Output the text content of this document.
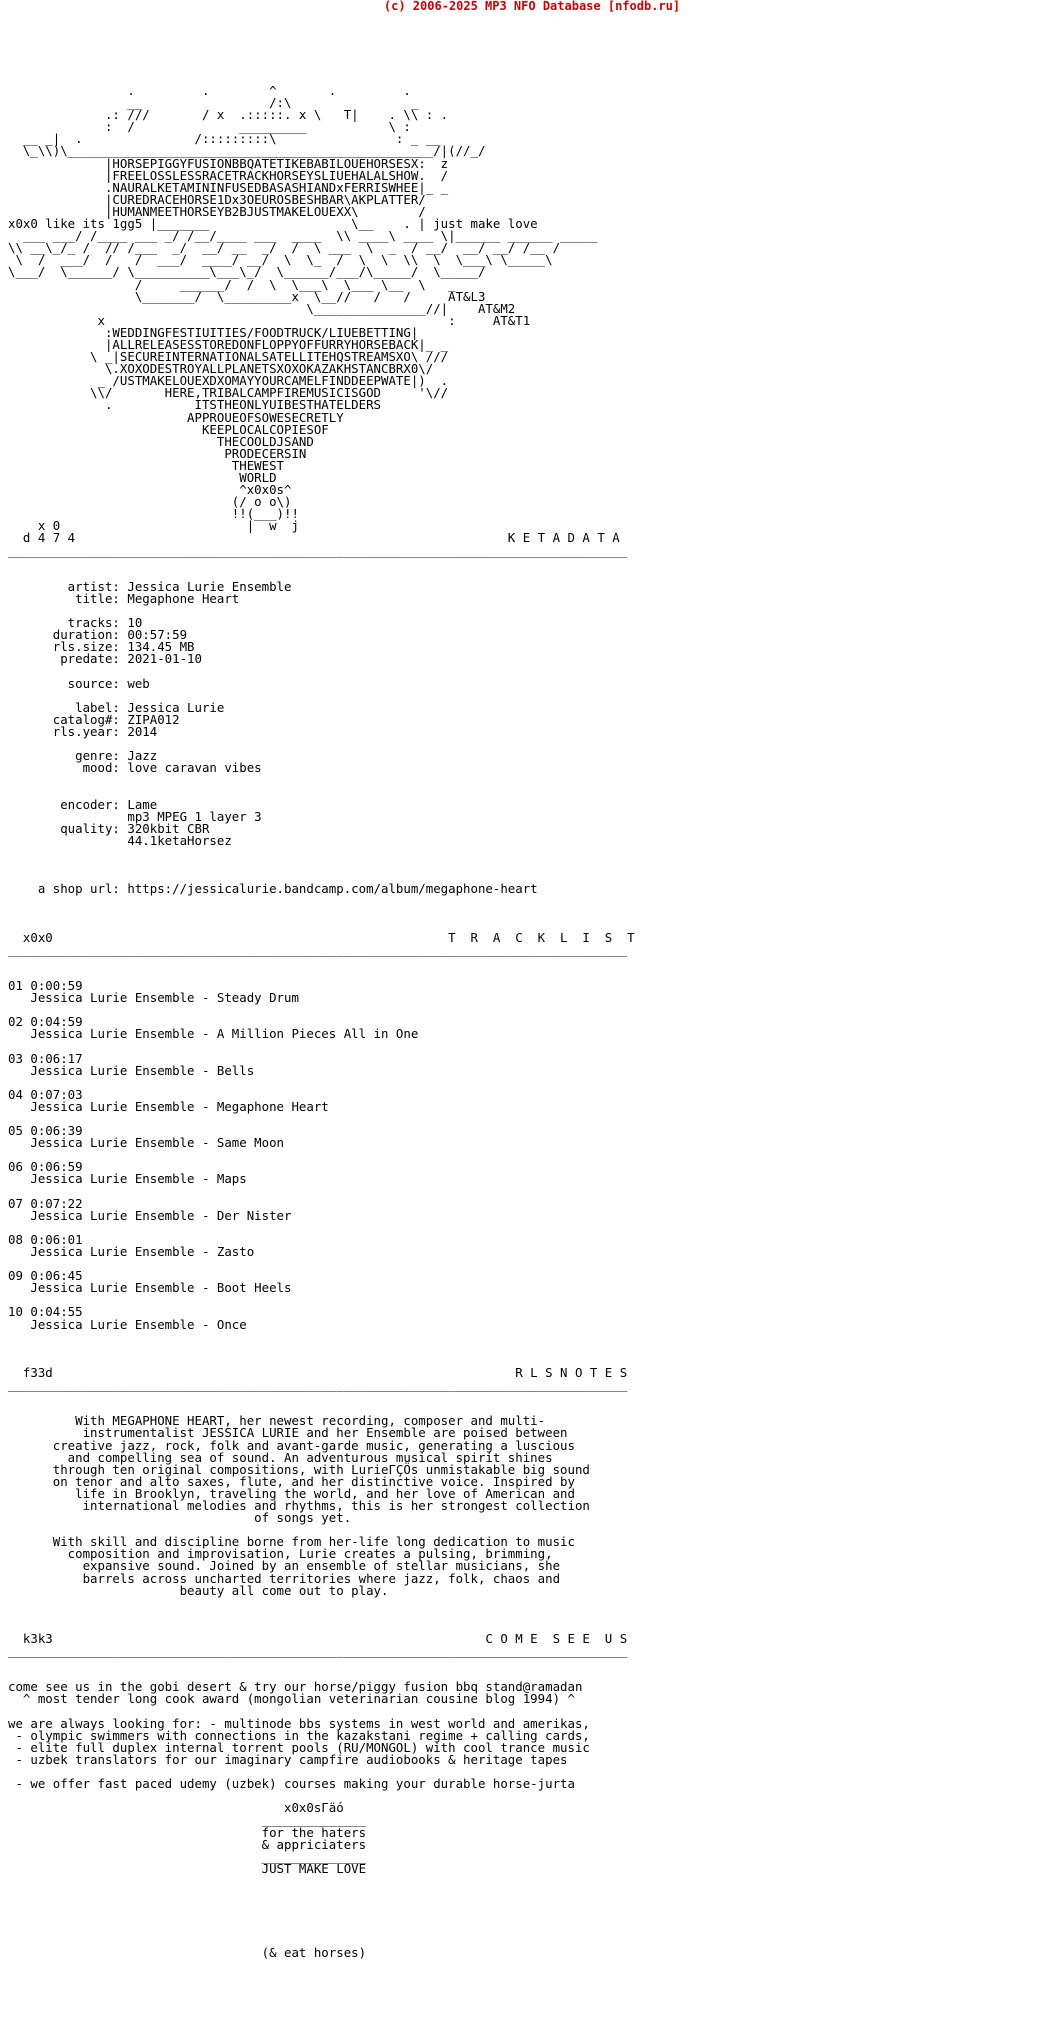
(c) 2006-2025 MP3 NFO Database [nfodb.ru]
.         .        ^       .         .
__                 /:\                _
.: ///       / x  .:::::. x \   T|    . \\ : .
:  /              _________           \ :
__ _|  .               /:::::::::\                : _ __
\_\\)\_________________________________________________/|(//_/
|HORSEPIGGYFUSIONBBQATETIKEBABILOUEHORSESX:  z
|FREELOSSLESSRACETRACKHORSEYSLIUEHALALSHOW.  /
.NAURALKETAMININFUSEDBASASHIANDxFERRISWHEE|_ _
|CUREDRACEHORSE1Dx3OEUROSBESHBAR\AKPLATTER/
|HUMANMEETHORSEYB2BJUSTMAKELOUEXX\        /
x0x0 like its 1gg5 |_______                   \__    . | just make love
___ ___/ /____ ___ _/ /__/____ ___  ____  \\ ____\ ____ \|______ ______ _____
\\ __\_/_ /  // /___  _/  __/ __  _/  /  \ ___  \  _  / __/  __/ __/ /__ /
\  /  ___/  /   /  ___/  ____/ __/  \  \_  /  \  \  \\  \  \___\ \_____\
\___/  \______/ \__________\___\_/  \______/___/\_____/  \_____/
/     ______/  /  \  \___\  \___ \__  \   _
\_______/  \_________x  \__//   /   /     AT&L3
\_______________//|    AT&M2
x                                              :     AT&T1
:WEDDINGFESTIUITIES/FOODTRUCK/LIUEBETTING|
|ALLRELEASESSTOREDONFLOPPYOFFURRYHORSEBACK|_ _
\ _|SECUREINTERNATIONALSATELLITEHQSTREAMSXO\ ///
\.XOXODESTROYALLPLANETSXOXOKAZAKHSTANCBRX0\/
_ /USTMAKELOUEXDXOMAYYOURCAMELFINDDEEPWATE|)  .
\\/       HERE,TRIBALCAMPFIREMUSICISGOD     '\//
.           ITSTHEONLYUIBESTHATELDERS
APPROUEOFSOWESECRETLY
KEEPLOCALCOPIESOF
THECOOLDJSAND
PRODECERSIN
THEWEST
WORLD
^x0x0s^
(/ o o\)
!!(___)!!
x 0                         |  w  j
d 4 7 4                                                          K E T A D A T A
___________________________________________________________________________________
artist: Jessica Lurie Ensemble
title: Megaphone Heart
tracks: 10
duration: 00:57:59
rls.size: 134.45 MB
predate: 2021-01-10
source: web
label: Jessica Lurie
catalog#: ZIPA012
rls.year: 2014
genre: Jazz
mood: love caravan vibes
encoder: Lame
mp3 MPEG 1 layer 3
quality: 320kbit CBR
44.1ketaHorsez
a shop url: https://jessicalurie.bandcamp.com/album/megaphone-heart
x0x0                                                     T  R  A  C  K  L  I  S  T
___________________________________________________________________________________
01 0:00:59
Jessica Lurie Ensemble - Steady Drum
02 0:04:59
Jessica Lurie Ensemble - A Million Pieces All in One
03 0:06:17
Jessica Lurie Ensemble - Bells
04 0:07:03
Jessica Lurie Ensemble - Megaphone Heart
05 0:06:39
Jessica Lurie Ensemble - Same Moon
06 0:06:59
Jessica Lurie Ensemble - Maps
07 0:07:22
Jessica Lurie Ensemble - Der Nister
08 0:06:01
Jessica Lurie Ensemble - Zasto
09 0:06:45
Jessica Lurie Ensemble - Boot Heels
10 0:04:55
Jessica Lurie Ensemble - Once
f33d                                                              R L S N O T E S
___________________________________________________________________________________
With MEGAPHONE HEART, her newest recording, composer and multi-
instrumentalist JESSICA LURIE and her Ensemble are poised between
creative jazz, rock, folk and avant-garde music, generating a luscious
and compelling sea of sound. An adventurous musical spirit shines
through ten original compositions, with LurieΓÇÖs unmistakable big sound
on tenor and alto saxes, flute, and her distinctive voice. Inspired by
life in Brooklyn, traveling the world, and her love of American and
international melodies and rhythms, this is her strongest collection
of songs yet.
With skill and discipline borne from her-life long dedication to music
composition and improvisation, Lurie creates a pulsing, brimming,
expansive sound. Joined by an ensemble of stellar musicians, she
barrels across uncharted territories where jazz, folk, chaos and
beauty all come out to play.
k3k3                                                          C O M E  S E E  U S
___________________________________________________________________________________
come see us in the gobi desert & try our horse/piggy fusion bbq stand@ramadan
^ most tender long cook award (mongolian veterinarian cousine blog 1994) ^
we are always looking for: - multinode bbs systems in west world and amerikas,
- olympic swimmers with connections in the kazakstani regime + calling cards,
- elite full duplex internal torrent pools (RU/MONGOL) with cool trance music
- uzbek translators for our imaginary campfire audiobooks & heritage tapes
- we offer fast paced udemy (uzbek) courses making your durable horse-jurta
x0x0sΓäó
______________
for the haters
& appriciaters
______________
JUST MAKE LOVE
(& eat horses)
